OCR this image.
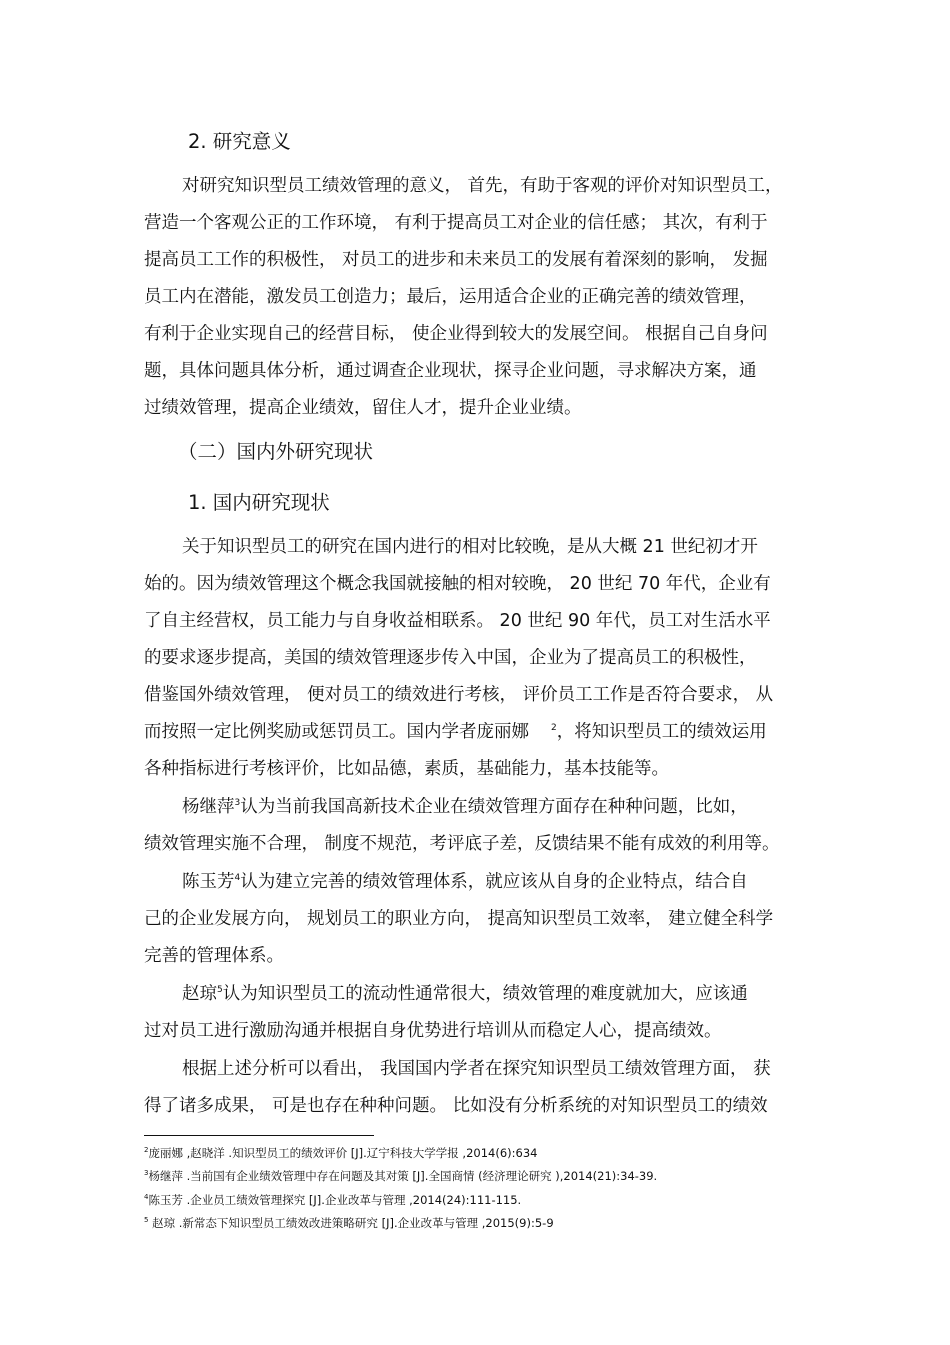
2. 研究意义
对研究知识型员工绩效管理的意义， 首先，有助于客观的评价对知识型员工，
营造一个客观公正的工作环境， 有利于提高员工对企业的信任感； 其次，有利于
提高员工工作的积极性， 对员工的进步和未来员工的发展有着深刻的影响， 发掘
员工内在潜能，激发员工创造力；最后，运用适合企业的正确完善的绩效管理，
有利于企业实现自己的经营目标， 使企业得到较大的发展空间。 根据自己自身问
题，具体问题具体分析，通过调查企业现状，探寻企业问题，寻求解决方案，通
过绩效管理，提高企业绩效，留住人才，提升企业业绩。
（二）国内外研究现状
1. 国内研究现状
关于知识型员工的研究在国内进行的相对比较晚，是从大概 21 世纪初才开
始的。因为绩效管理这个概念我国就接触的相对较晚， 20 世纪 70 年代，企业有
了自主经营权，员工能力与自身收益相联系。 20 世纪 90 年代，员工对生活水平
的要求逐步提高，美国的绩效管理逐步传入中国，企业为了提高员工的积极性，
借鉴国外绩效管理， 便对员工的绩效进行考核， 评价员工工作是否符合要求， 从
而按照一定比例奖励或惩罚员工。国内学者庞丽娜 $^2$，将知识型员工的绩效运用
各种指标进行考核评价，比如品德，素质，基础能力，基本技能等。
杨继萍$^3$认为当前我国高新技术企业在绩效管理方面存在种种问题，比如，
绩效管理实施不合理， 制度不规范，考评底子差，反馈结果不能有成效的利用等。
陈玉芳$^4$认为建立完善的绩效管理体系，就应该从自身的企业特点，结合自
己的企业发展方向， 规划员工的职业方向， 提高知识型员工效率， 建立健全科学
完善的管理体系。
赵琼$^5$认为知识型员工的流动性通常很大，绩效管理的难度就加大，应该通
过对员工进行激励沟通并根据自身优势进行培训从而稳定人心，提高绩效。
根据上述分析可以看出， 我国国内学者在探究知识型员工绩效管理方面， 获
得了诸多成果， 可是也存在种种问题。 比如没有分析系统的对知识型员工的绩效
$^2$庞丽娜 ,赵晓洋 .知识型员工的绩效评价 [J].辽宁科技大学学报 ,2014(6):634
$^3$杨继萍 .当前国有企业绩效管理中存在问题及其对策 [J].全国商情 (经济理论研究 ),2014(21):34-39.
$^4$陈玉芳 .企业员工绩效管理探究 [J].企业改革与管理 ,2014(24):111-115.
$^5$ 赵琼 .新常态下知识型员工绩效改进策略研究 [J].企业改革与管理 ,2015(9):5-9
